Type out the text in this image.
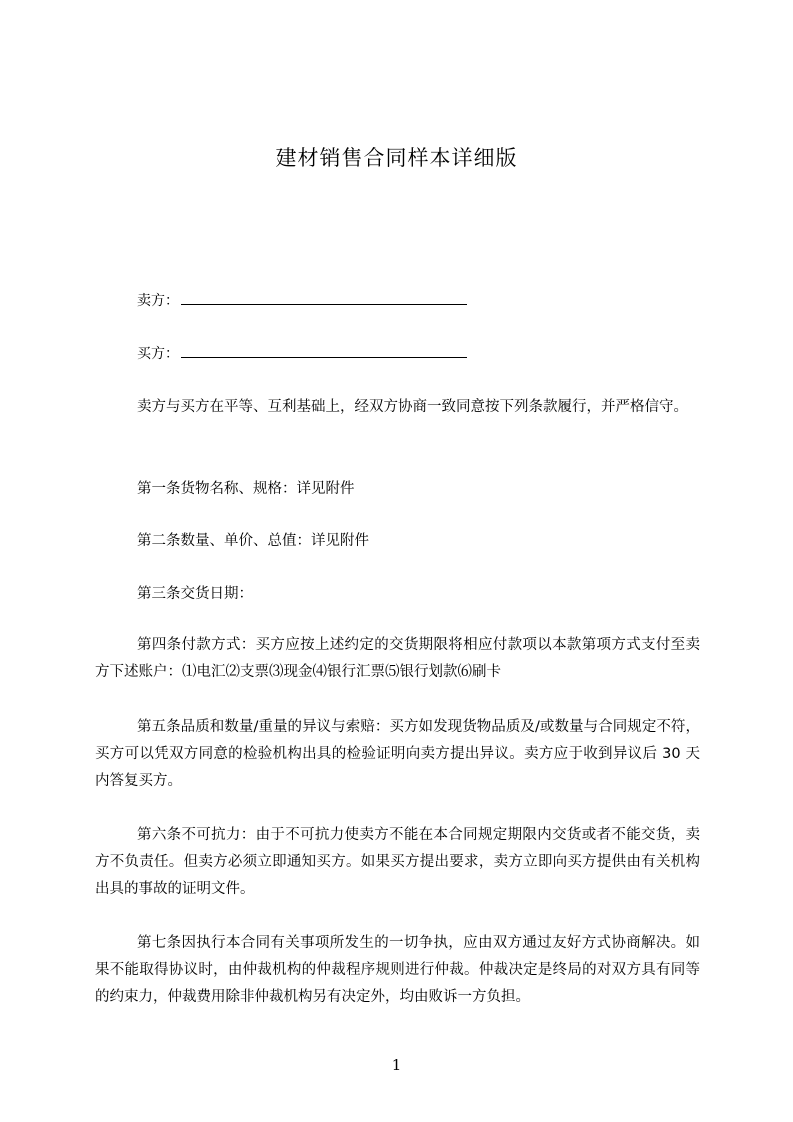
建材销售合同样本详细版
卖方：
买方：

卖方与买方在平等、互利基础上，经双方协商一致同意按下列条款履行，并严格信守。

第一条货物名称、规格：详见附件

第二条数量、单价、总值：详见附件

第三条交货日期：

第四条付款方式：买方应按上述约定的交货期限将相应付款项以本款第项方式支付至卖方下述账户：⑴电汇⑵支票⑶现金⑷银行汇票⑸银行划款⑹刷卡

第五条品质和数量/重量的异议与索赔：买方如发现货物品质及/或数量与合同规定不符，买方可以凭双方同意的检验机构出具的检验证明向卖方提出异议。卖方应于收到异议后 30 天内答复买方。

第六条不可抗力：由于不可抗力使卖方不能在本合同规定期限内交货或者不能交货，卖方不负责任。但卖方必须立即通知买方。如果买方提出要求，卖方立即向买方提供由有关机构出具的事故的证明文件。

第七条因执行本合同有关事项所发生的一切争执，应由双方通过友好方式协商解决。如果不能取得协议时，由仲裁机构的仲裁程序规则进行仲裁。仲裁决定是终局的对双方具有同等的约束力，仲裁费用除非仲裁机构另有决定外，均由败诉一方负担。

1
